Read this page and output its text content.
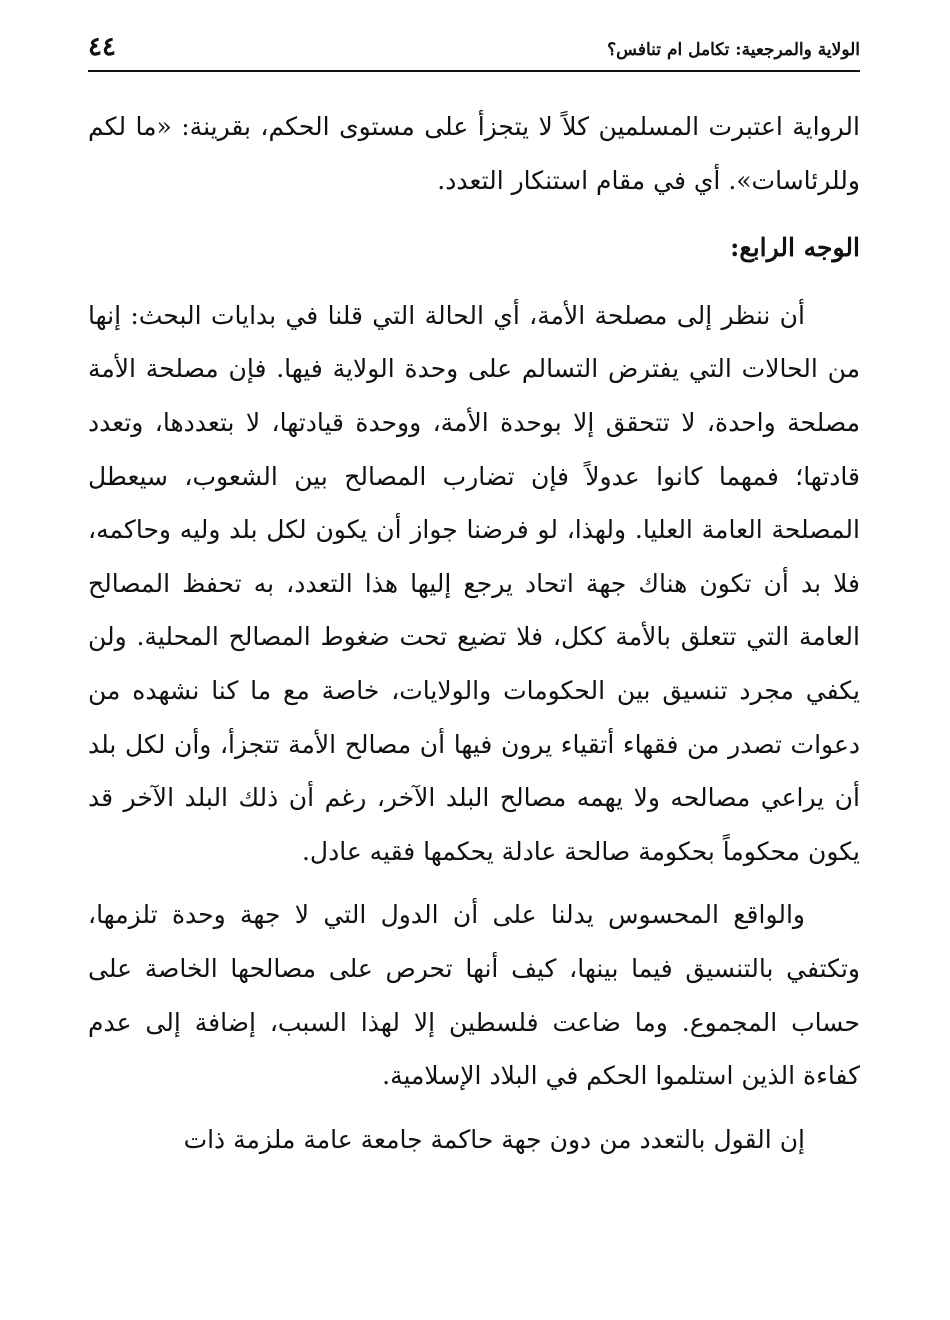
٤٤	الولاية والمرجعية: تكامل ام تنافس؟

الرواية اعتبرت المسلمين كلاً لا يتجزأ على مستوى الحكم، بقرينة: «ما لكم وللرئاسات». أي في مقام استنكار التعدد.

الوجه الرابع:

أن ننظر إلى مصلحة الأمة، أي الحالة التي قلنا في بدايات البحث: إنها من الحالات التي يفترض التسالم على وحدة الولاية فيها. فإن مصلحة الأمة مصلحة واحدة، لا تتحقق إلا بوحدة الأمة، ووحدة قيادتها، لا بتعددها، وتعدد قادتها؛ فمهما كانوا عدولاً فإن تضارب المصالح بين الشعوب، سيعطل المصلحة العامة العليا. ولهذا، لو فرضنا جواز أن يكون لكل بلد وليه وحاكمه، فلا بد أن تكون هناك جهة اتحاد يرجع إليها هذا التعدد، به تحفظ المصالح العامة التي تتعلق بالأمة ككل، فلا تضيع تحت ضغوط المصالح المحلية. ولن يكفي مجرد تنسيق بين الحكومات والولايات، خاصة مع ما كنا نشهده من دعوات تصدر من فقهاء أتقياء يرون فيها أن مصالح الأمة تتجزأ، وأن لكل بلد أن يراعي مصالحه ولا يهمه مصالح البلد الآخر، رغم أن ذلك البلد الآخر قد يكون محكوماً بحكومة صالحة عادلة يحكمها فقيه عادل.

والواقع المحسوس يدلنا على أن الدول التي لا جهة وحدة تلزمها، وتكتفي بالتنسيق فيما بينها، كيف أنها تحرص على مصالحها الخاصة على حساب المجموع. وما ضاعت فلسطين إلا لهذا السبب، إضافة إلى عدم كفاءة الذين استلموا الحكم في البلاد الإسلامية.

إن القول بالتعدد من دون جهة حاكمة جامعة عامة ملزمة ذات
